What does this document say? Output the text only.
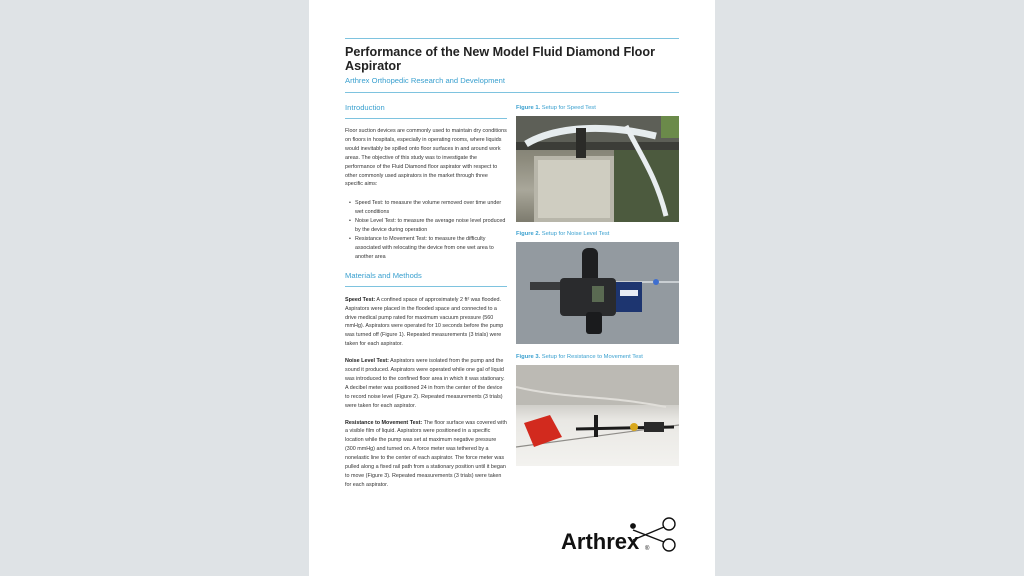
Performance of the New Model Fluid Diamond Floor Aspirator
Arthrex Orthopedic Research and Development
Introduction

Floor suction devices are commonly used to maintain dry conditions on floors in hospitals, especially in operating rooms, where liquids would inevitably be spilled onto floor surfaces in and around work areas. The objective of this study was to investigate the performance of the Fluid Diamond floor aspirator with respect to other commonly used aspirators in the market through three specific aims:

• Speed Test: to measure the volume removed over time under wet conditions
• Noise Level Test: to measure the average noise level produced by the device during operation
• Resistance to Movement Test: to measure the difficulty associated with relocating the device from one wet area to another area
Materials and Methods

Speed Test: A confined space of approximately 2 ft² was flooded. Aspirators were placed in the flooded space and connected to a drive medical pump rated for maximum vacuum pressure (560 mmHg). Aspirators were operated for 10 seconds before the pump was turned off (Figure 1). Repeated measurements (3 trials) were taken for each aspirator.

Noise Level Test: Aspirators were isolated from the pump and the sound it produced. Aspirators were operated while one gal of liquid was introduced to the confined floor area in which it was stationary. A decibel meter was positioned 24 in from the center of the device to record noise level (Figure 2). Repeated measurements (3 trials) were taken for each aspirator.

Resistance to Movement Test: The floor surface was covered with a visible film of liquid. Aspirators were positioned in a specific location while the pump was set at maximum negative pressure (300 mmHg) and turned on. A force meter was tethered by a nonelastic line to the center of each aspirator. The force meter was pulled along a fixed rail path from a stationary position until it began to move (Figure 3). Repeated measurements (3 trials) were taken for each aspirator.

Figure 1. Setup for Speed Test
Figure 2. Setup for Noise Level Test
Figure 3. Setup for Resistance to Movement Test
Arthrex ®
